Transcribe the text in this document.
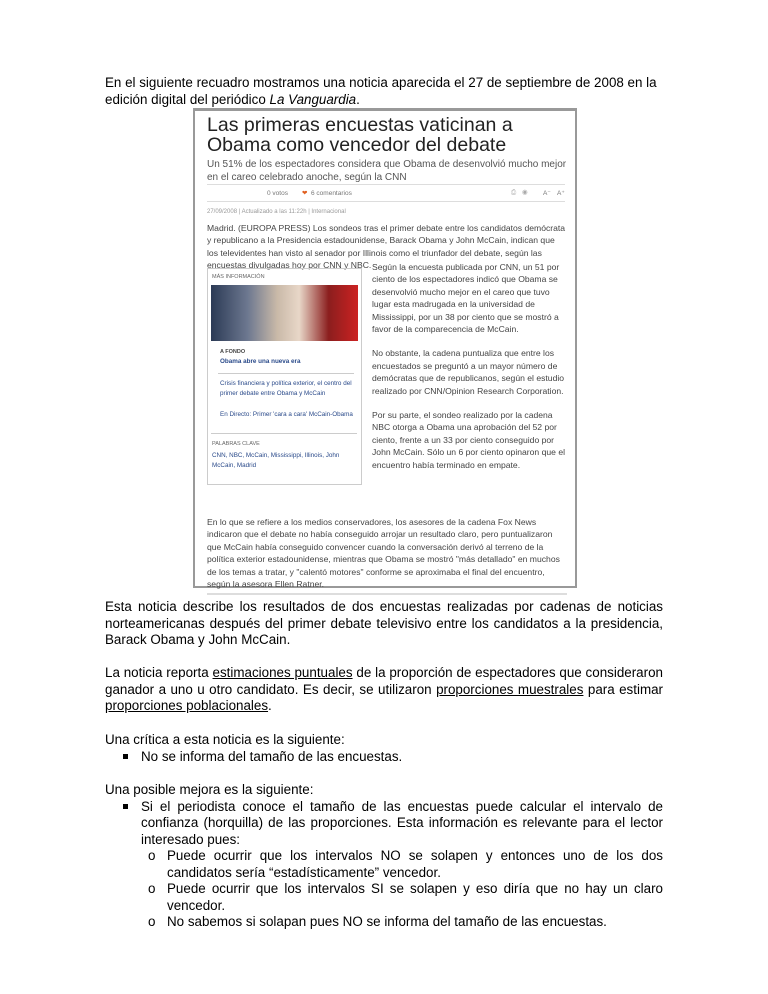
En el siguiente recuadro mostramos una noticia aparecida el 27 de septiembre de 2008 en la edición digital del periódico La Vanguardia.
Las primeras encuestas vaticinan a Obama como vencedor del debate
Un 51% de los espectadores considera que Obama de desenvolvió mucho mejor en el careo celebrado anoche, según la CNN
0 votos ❤ 6 comentarios	⎙ ◉ A⁻ A⁺
27/09/2008 | Actualizado a las 11:22h | Internacional
Madrid. (EUROPA PRESS) Los sondeos tras el primer debate entre los candidatos demócrata y republicano a la Presidencia estadounidense, Barack Obama y John McCain, indican que los televidentes han visto al senador por Illinois como el triunfador del debate, según las encuestas divulgadas hoy por CNN y NBC.
MÁS INFORMACIÓN
A FONDO
Obama abre una nueva era
Crisis financiera y política exterior, el centro del primer debate entre Obama y McCain
En Directo: Primer 'cara a cara' McCain-Obama
PALABRAS CLAVE
CNN, NBC, McCain, Mississippi, Illinois, John McCain, Madrid

Según la encuesta publicada por CNN, un 51 por ciento de los espectadores indicó que Obama se desenvolvió mucho mejor en el careo que tuvo lugar esta madrugada en la universidad de Mississippi, por un 38 por ciento que se mostró a favor de la comparecencia de McCain.

No obstante, la cadena puntualiza que entre los encuestados se preguntó a un mayor número de demócratas que de republicanos, según el estudio realizado por CNN/Opinion Research Corporation.

Por su parte, el sondeo realizado por la cadena NBC otorga a Obama una aprobación del 52 por ciento, frente a un 33 por ciento conseguido por John McCain. Sólo un 6 por ciento opinaron que el encuentro había terminado en empate.

En lo que se refiere a los medios conservadores, los asesores de la cadena Fox News indicaron que el debate no había conseguido arrojar un resultado claro, pero puntualizaron que McCain había conseguido convencer cuando la conversación derivó al terreno de la política exterior estadounidense, mientras que Obama se mostró "más detallado" en muchos de los temas a tratar, y "calentó motores" conforme se aproximaba el final del encuentro, según la asesora Ellen Ratner.
Esta noticia describe los resultados de dos encuestas realizadas por cadenas de noticias norteamericanas después del primer debate televisivo entre los candidatos a la presidencia, Barack Obama y John McCain.
La noticia reporta estimaciones puntuales de la proporción de espectadores que consideraron ganador a uno u otro candidato. Es decir, se utilizaron proporciones muestrales para estimar proporciones poblacionales.
Una crítica a esta noticia es la siguiente:
No se informa del tamaño de las encuestas.
Una posible mejora es la siguiente:
Si el periodista conoce el tamaño de las encuestas puede calcular el intervalo de confianza (horquilla) de las proporciones. Esta información es relevante para el lector interesado pues:
o Puede ocurrir que los intervalos NO se solapen y entonces uno de los dos candidatos sería “estadísticamente” vencedor.
o Puede ocurrir que los intervalos SI se solapen y eso diría que no hay un claro vencedor.
o No sabemos si solapan pues NO se informa del tamaño de las encuestas.
